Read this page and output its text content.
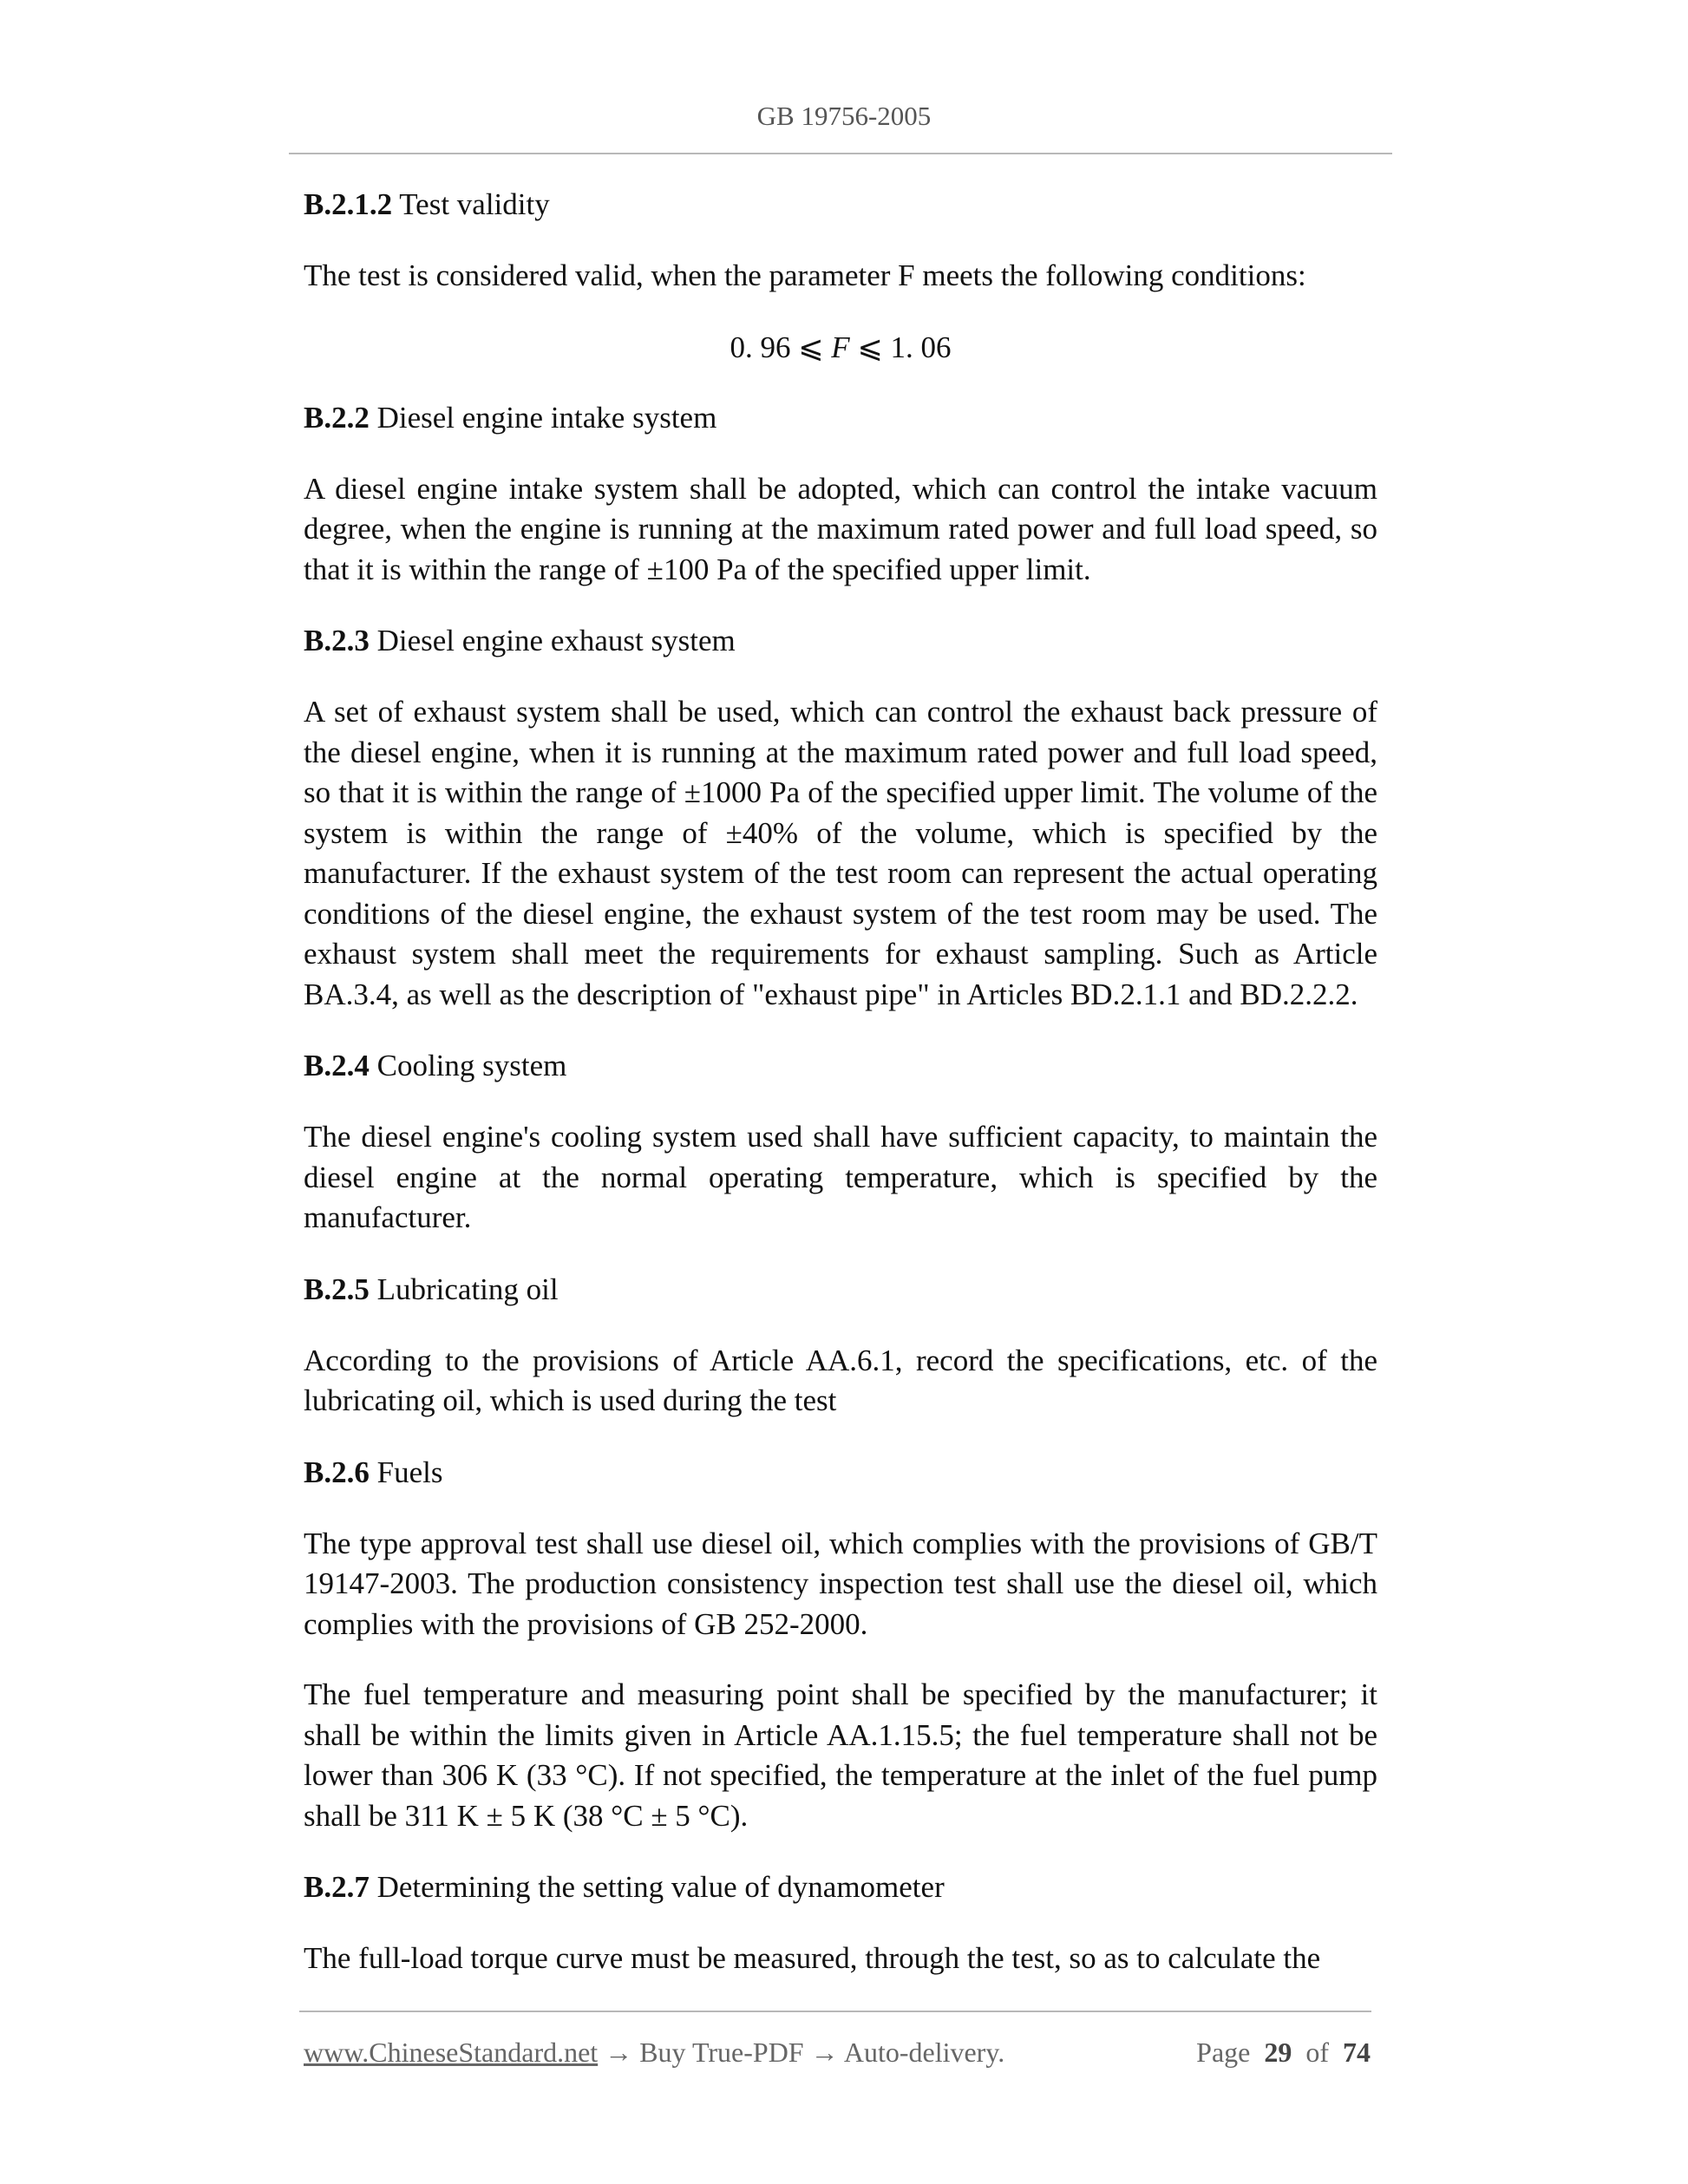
GB 19756-2005
B.2.1.2 Test validity

The test is considered valid, when the parameter F meets the following conditions:

0. 96 ⩽ F ⩽ 1. 06
B.2.2 Diesel engine intake system

A diesel engine intake system shall be adopted, which can control the intake vacuum degree, when the engine is running at the maximum rated power and full load speed, so that it is within the range of ±100 Pa of the specified upper limit.

B.2.3 Diesel engine exhaust system

A set of exhaust system shall be used, which can control the exhaust back pressure of the diesel engine, when it is running at the maximum rated power and full load speed, so that it is within the range of ±1000 Pa of the specified upper limit. The volume of the system is within the range of ±40% of the volume, which is specified by the manufacturer. If the exhaust system of the test room can represent the actual operating conditions of the diesel engine, the exhaust system of the test room may be used. The exhaust system shall meet the requirements for exhaust sampling. Such as Article BA.3.4, as well as the description of "exhaust pipe" in Articles BD.2.1.1 and BD.2.2.2.

B.2.4 Cooling system

The diesel engine's cooling system used shall have sufficient capacity, to maintain the diesel engine at the normal operating temperature, which is specified by the manufacturer.

B.2.5 Lubricating oil

According to the provisions of Article AA.6.1, record the specifications, etc. of the lubricating oil, which is used during the test

B.2.6 Fuels

The type approval test shall use diesel oil, which complies with the provisions of GB/T 19147-2003. The production consistency inspection test shall use the diesel oil, which complies with the provisions of GB 252-2000.

The fuel temperature and measuring point shall be specified by the manufacturer; it shall be within the limits given in Article AA.1.15.5; the fuel temperature shall not be lower than 306 K (33 °C). If not specified, the temperature at the inlet of the fuel pump shall be 311 K ± 5 K (38 °C ± 5 °C).

B.2.7 Determining the setting value of dynamometer

The full-load torque curve must be measured, through the test, so as to calculate the

www.ChineseStandard.net → Buy True-PDF → Auto-delivery.	Page 29 of 74
